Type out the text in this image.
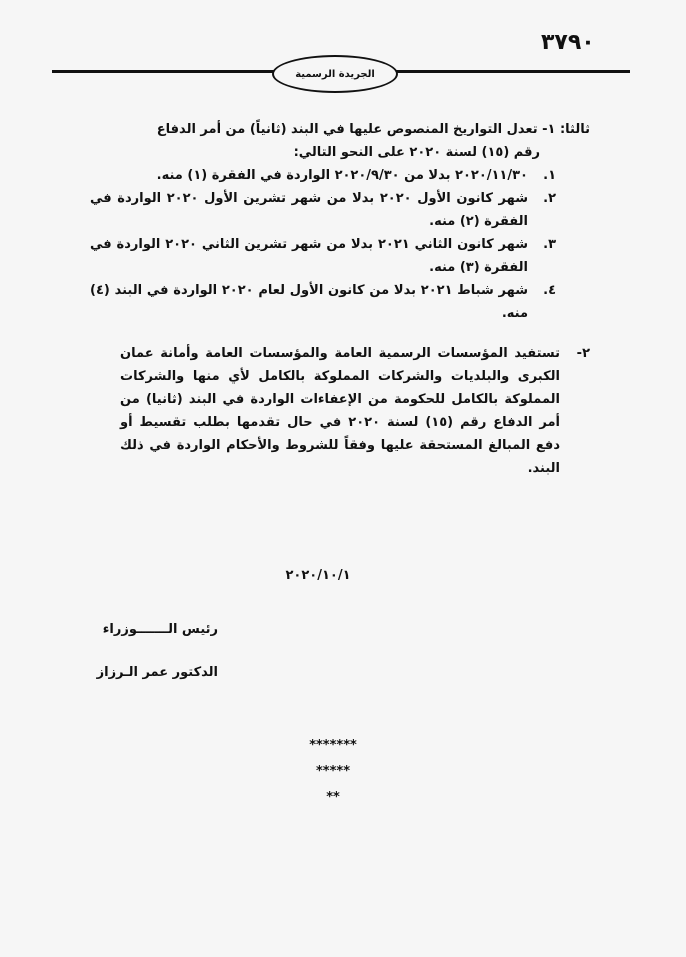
٣٧٩٠
الجريدة الرسمية

ثالثا: ١- تعدل التواريخ المنصوص عليها في البند (ثانياً) من أمر الدفاع

رقم (١٥) لسنة ٢٠٢٠ على النحو التالي:

١.
٢٠٢٠/١١/٣٠ بدلا من ٢٠٢٠/٩/٣٠ الواردة في الفقرة (١) منه.
٢.
شهر كانون الأول ٢٠٢٠ بدلا من شهر تشرين الأول ٢٠٢٠ الواردة في الفقرة (٢) منه.
٣.
شهر كانون الثاني ٢٠٢١ بدلا من شهر تشرين الثاني ٢٠٢٠ الواردة في الفقرة (٣) منه.
٤.
شهر شباط ٢٠٢١ بدلا من كانون الأول لعام ٢٠٢٠ الواردة في البند (٤) منه.
٢-
تستفيد المؤسسات الرسمية العامة والمؤسسات العامة وأمانة عمان الكبرى والبلديات والشركات المملوكة بالكامل لأي منها والشركات المملوكة بالكامل للحكومة من الإعفاءات الواردة في البند (ثانيا) من أمر الدفاع رقم (١٥) لسنة ٢٠٢٠ في حال تقدمها بطلب تقسيط أو دفع المبالغ المستحقة عليها وفقاً للشروط والأحكام الواردة في ذلك البند.
٢٠٢٠/١٠/١
رئيس الـــــــوزراء
الدكتور عمر الـرزاز
*******
*****
**
